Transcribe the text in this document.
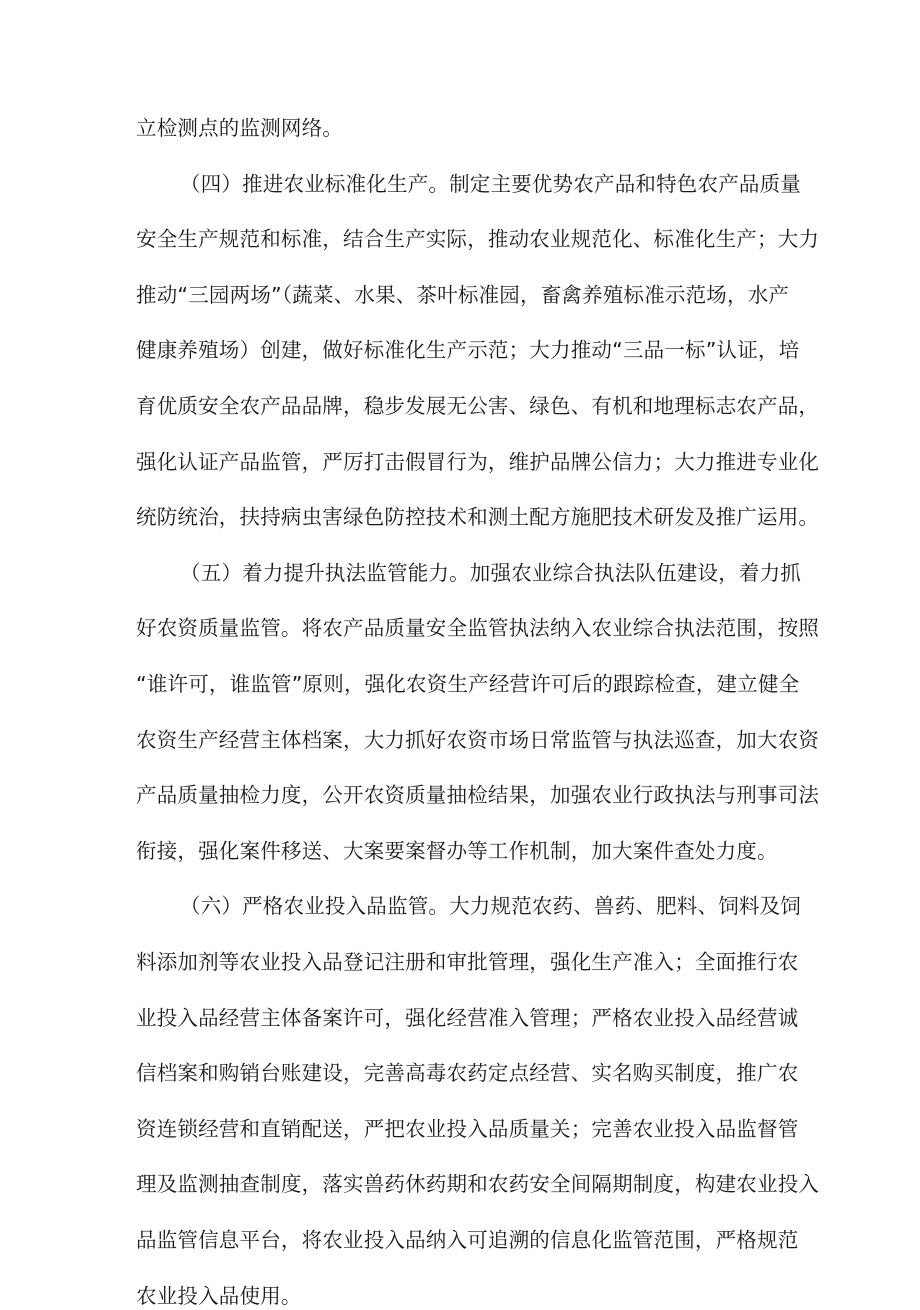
立检测点的监测网络。
（四）推进农业标准化生产。制定主要优势农产品和特色农产品质量
安全生产规范和标准，结合生产实际，推动农业规范化、标准化生产；大力
推动“三园两场”（蔬菜、水果、茶叶标准园，畜禽养殖标准示范场，水产
健康养殖场）创建，做好标准化生产示范；大力推动“三品一标”认证，培
育优质安全农产品品牌，稳步发展无公害、绿色、有机和地理标志农产品，
强化认证产品监管，严厉打击假冒行为，维护品牌公信力；大力推进专业化
统防统治，扶持病虫害绿色防控技术和测土配方施肥技术研发及推广运用。
（五）着力提升执法监管能力。加强农业综合执法队伍建设，着力抓
好农资质量监管。将农产品质量安全监管执法纳入农业综合执法范围，按照
“谁许可，谁监管”原则，强化农资生产经营许可后的跟踪检查，建立健全
农资生产经营主体档案，大力抓好农资市场日常监管与执法巡查，加大农资
产品质量抽检力度，公开农资质量抽检结果，加强农业行政执法与刑事司法
衔接，强化案件移送、大案要案督办等工作机制，加大案件查处力度。
（六）严格农业投入品监管。大力规范农药、兽药、肥料、饲料及饲
料添加剂等农业投入品登记注册和审批管理，强化生产准入；全面推行农
业投入品经营主体备案许可，强化经营准入管理；严格农业投入品经营诚
信档案和购销台账建设，完善高毒农药定点经营、实名购买制度，推广农
资连锁经营和直销配送，严把农业投入品质量关；完善农业投入品监督管
理及监测抽查制度，落实兽药休药期和农药安全间隔期制度，构建农业投入
品监管信息平台，将农业投入品纳入可追溯的信息化监管范围，严格规范
农业投入品使用。
